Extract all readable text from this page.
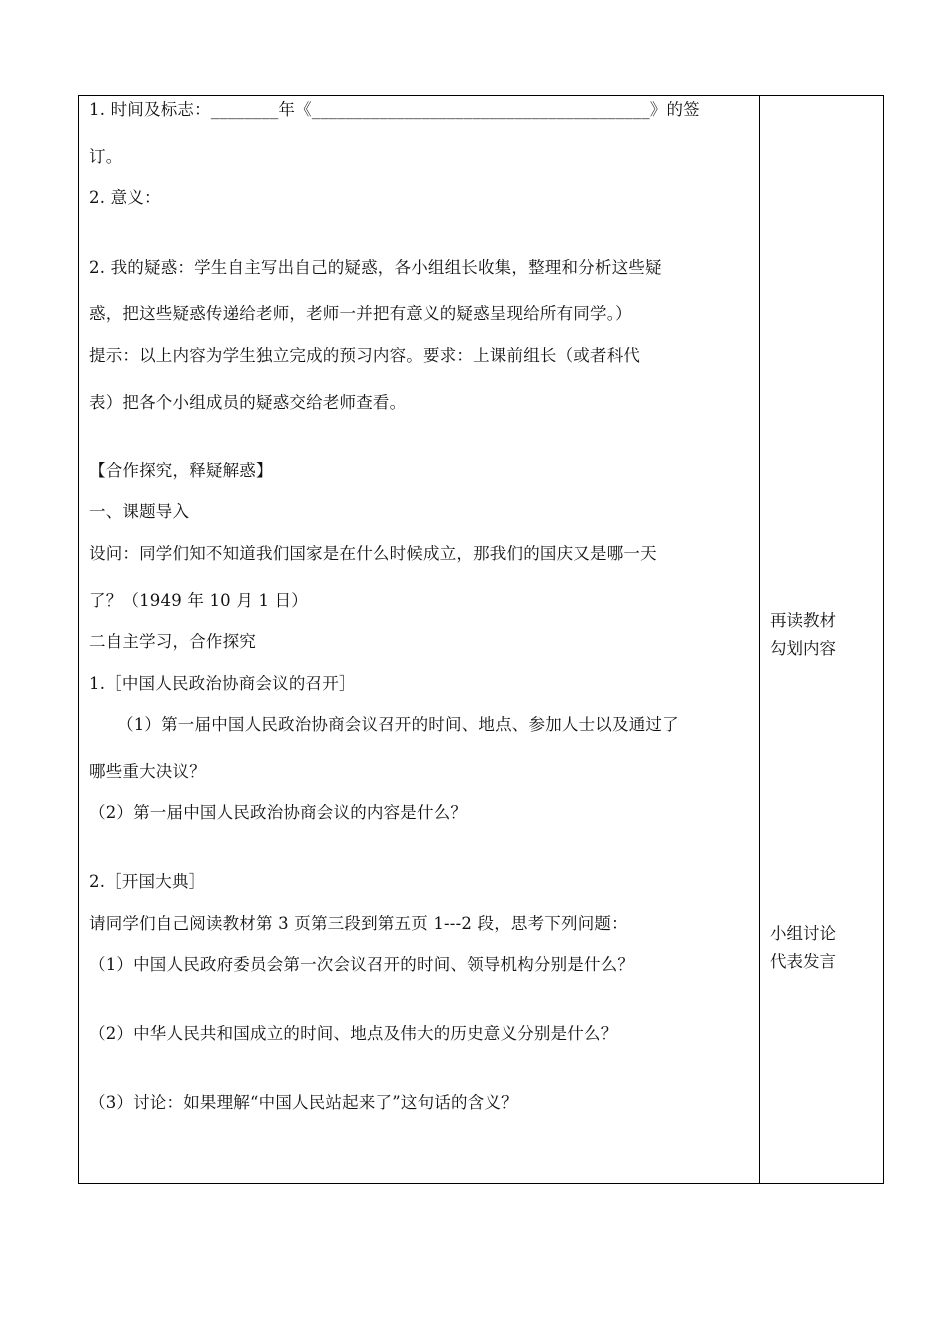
1. 时间及标志：________年《________________________________________》的签
订。
2. 意义：
2. 我的疑惑：学生自主写出自己的疑惑，各小组组长收集，整理和分析这些疑
惑，把这些疑惑传递给老师，老师一并把有意义的疑惑呈现给所有同学。）
提示：以上内容为学生独立完成的预习内容。要求：上课前组长（或者科代
表）把各个小组成员的疑惑交给老师查看。
【合作探究，释疑解惑】
一、课题导入
设问：同学们知不知道我们国家是在什么时候成立，那我们的国庆又是哪一天
了？（1949 年 10 月 1 日）
二自主学习，合作探究
1.［中国人民政治协商会议的召开］
（1）第一届中国人民政治协商会议召开的时间、地点、参加人士以及通过了
哪些重大决议？
（2）第一届中国人民政治协商会议的内容是什么？
2.［开国大典］
请同学们自己阅读教材第 3 页第三段到第五页 1---2 段，思考下列问题：
（1）中国人民政府委员会第一次会议召开的时间、领导机构分别是什么？
（2）中华人民共和国成立的时间、地点及伟大的历史意义分别是什么？
（3）讨论：如果理解“中国人民站起来了”这句话的含义？
再读教材
勾划内容
小组讨论
代表发言
